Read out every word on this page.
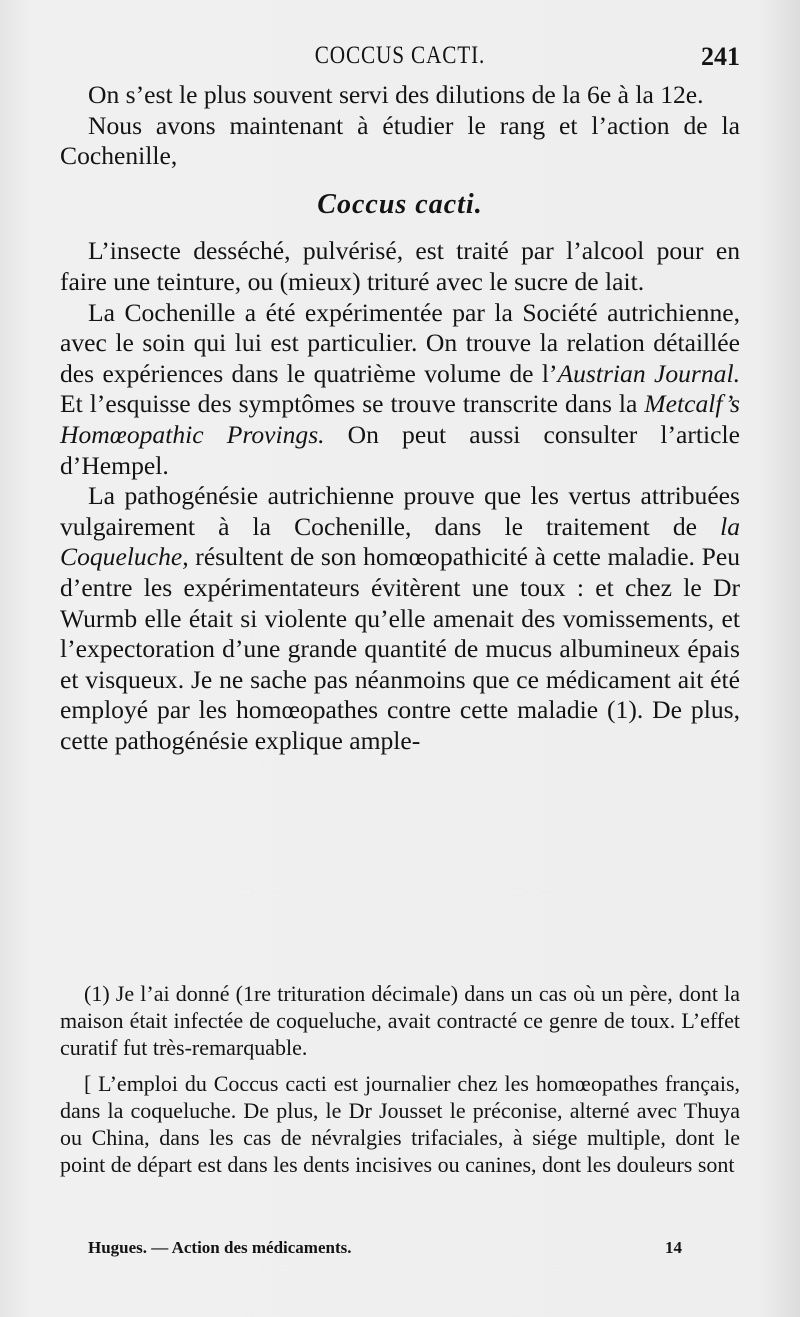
COCCUS CACTI.	241

On s’est le plus souvent servi des dilutions de la 6e à la 12e.

Nous avons maintenant à étudier le rang et l’action de la Cochenille,

Coccus cacti.

L’insecte desséché, pulvérisé, est traité par l’alcool pour en faire une teinture, ou (mieux) trituré avec le sucre de lait.

La Cochenille a été expérimentée par la Société autrichienne, avec le soin qui lui est particulier. On trouve la relation détaillée des expériences dans le quatrième volume de l’Austrian Journal. Et l’esquisse des symptômes se trouve transcrite dans la Metcalf’s Homœopathic Provings. On peut aussi consulter l’article d’Hempel.

La pathogénésie autrichienne prouve que les vertus attribuées vulgairement à la Cochenille, dans le traitement de la Coqueluche, résultent de son homœopathicité à cette maladie. Peu d’entre les expérimentateurs évitèrent une toux : et chez le Dr Wurmb elle était si violente qu’elle amenait des vomissements, et l’expectoration d’une grande quantité de mucus albumineux épais et visqueux. Je ne sache pas néanmoins que ce médicament ait été employé par les homœopathes contre cette maladie (1). De plus, cette pathogénésie explique ample-

(1) Je l’ai donné (1re trituration décimale) dans un cas où un père, dont la maison était infectée de coqueluche, avait contracté ce genre de toux. L’effet curatif fut très-remarquable.

[ L’emploi du Coccus cacti est journalier chez les homœopathes français, dans la coqueluche. De plus, le Dr Jousset le préconise, alterné avec Thuya ou China, dans les cas de névralgies trifaciales, à siége multiple, dont le point de départ est dans les dents incisives ou canines, dont les douleurs sont

Hugues. — Action des médicaments.	14
